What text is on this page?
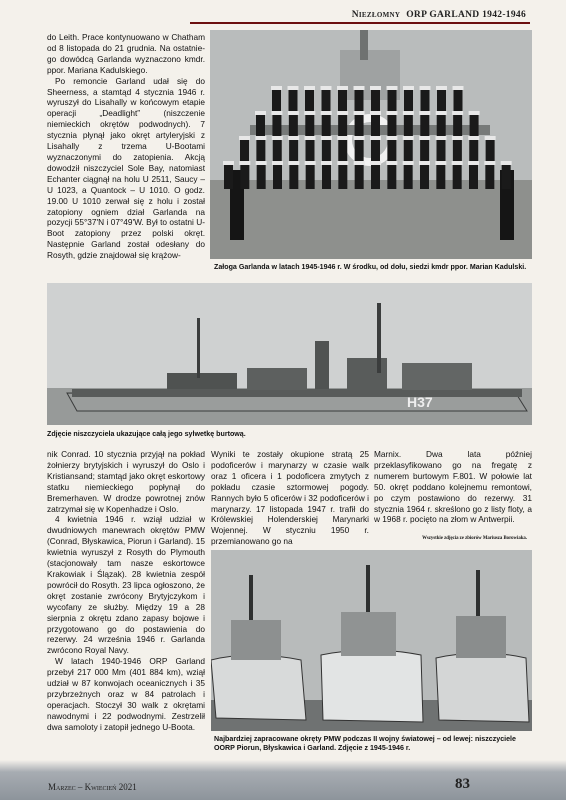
Niezłomny ORP GARLAND 1942-1946

do Leith. Prace kontynuowano w Chatham od 8 listopada do 21 grudnia. Na ostatnie-go dowódcą Garlanda wyznaczono kmdr. ppor. Mariana Kadulskiego.

Po remoncie Garland udał się do Sheerness, a stamtąd 4 stycznia 1946 r. wyruszył do Lisahally w końcowym etapie operacji „Deadlight” (niszczenie niemieckich okrętów podwodnych). 7 stycznia płynął jako okręt artyleryjski z Lisahally z trzema U-Bootami wyznaczonymi do zatopienia. Akcją dowodził niszczyciel Sole Bay, natomiast Echanter ciągnął na holu U 2511, Saucy – U 1023, a Quantock – U 1010. O godz. 19.00 U 1010 zerwał się z holu i został zatopiony ogniem dział Garlanda na pozycji 55°37'N i 07°49'W. Był to ostatni U-Boot zatopiony przez polski okręt. Następnie Garland został odesłany do Rosyth, gdzie znajdował się krążow-

Załoga Garlanda w latach 1945-1946 r. W środku, od dołu, siedzi kmdr ppor. Marian Kadulski.
H37
Zdjęcie niszczyciela ukazujące całą jego sylwetkę burtową.

nik Conrad. 10 stycznia przyjął na pokład żołnierzy brytyjskich i wyruszył do Oslo i Kristiansand; stamtąd jako okręt eskortowy statku niemieckiego popłynął do Bremerhaven. W drodze powrotnej znów zatrzymał się w Kopenhadze i Oslo.

4 kwietnia 1946 r. wziął udział w dwudniowych manewrach okrętów PMW (Conrad, Błyskawica, Piorun i Garland). 15 kwietnia wyruszył z Rosyth do Plymouth (stacjonowały tam nasze eskortowce Krakowiak i Ślązak). 28 kwietnia zespół powrócił do Rosyth. 23 lipca ogłoszono, że okręt zostanie zwrócony Brytyjczykom i wycofany ze służby. Między 19 a 28 sierpnia z okrętu zdano zapasy bojowe i przygotowano go do postawienia do rezerwy. 24 września 1946 r. Garlanda zwrócono Royal Navy.

W latach 1940-1946 ORP Garland przebył 217 000 Mm (401 884 km), wziął udział w 87 konwojach oceanicznych i 35 przybrzeżnych oraz w 84 patrolach i operacjach. Stoczył 30 walk z okrętami nawodnymi i 22 podwodnymi. Zestrzelił dwa samoloty i zatopił jednego U-Boota.

Wyniki te zostały okupione stratą 25 podoficerów i marynarzy w czasie walk oraz 1 oficera i 1 podoficera zmytych z pokładu czasie sztormowej pogody. Rannych było 5 oficerów i 32 podoficerów i marynarzy. 17 listopada 1947 r. trafił do Królewskiej Holenderskiej Marynarki Wojennej. W styczniu 1950 r. przemianowano go na

Marnix. Dwa lata później przeklasyfikowano go na fregatę z numerem burtowym F.801. W połowie lat 50. okręt poddano kolejnemu remontowi, po czym postawiono do rezerwy. 31 stycznia 1964 r. skreślono go z listy floty, a w 1968 r. pocięto na złom w Antwerpii.

Wszystkie zdjęcia ze zbiorów Mariusza Borowiaka.
Najbardziej zapracowane okręty PMW podczas II wojny światowej – od lewej: niszczyciele OORP Piorun, Błyskawica i Garland. Zdjęcie z 1945-1946 r.
Marzec – Kwiecień 2021	83
